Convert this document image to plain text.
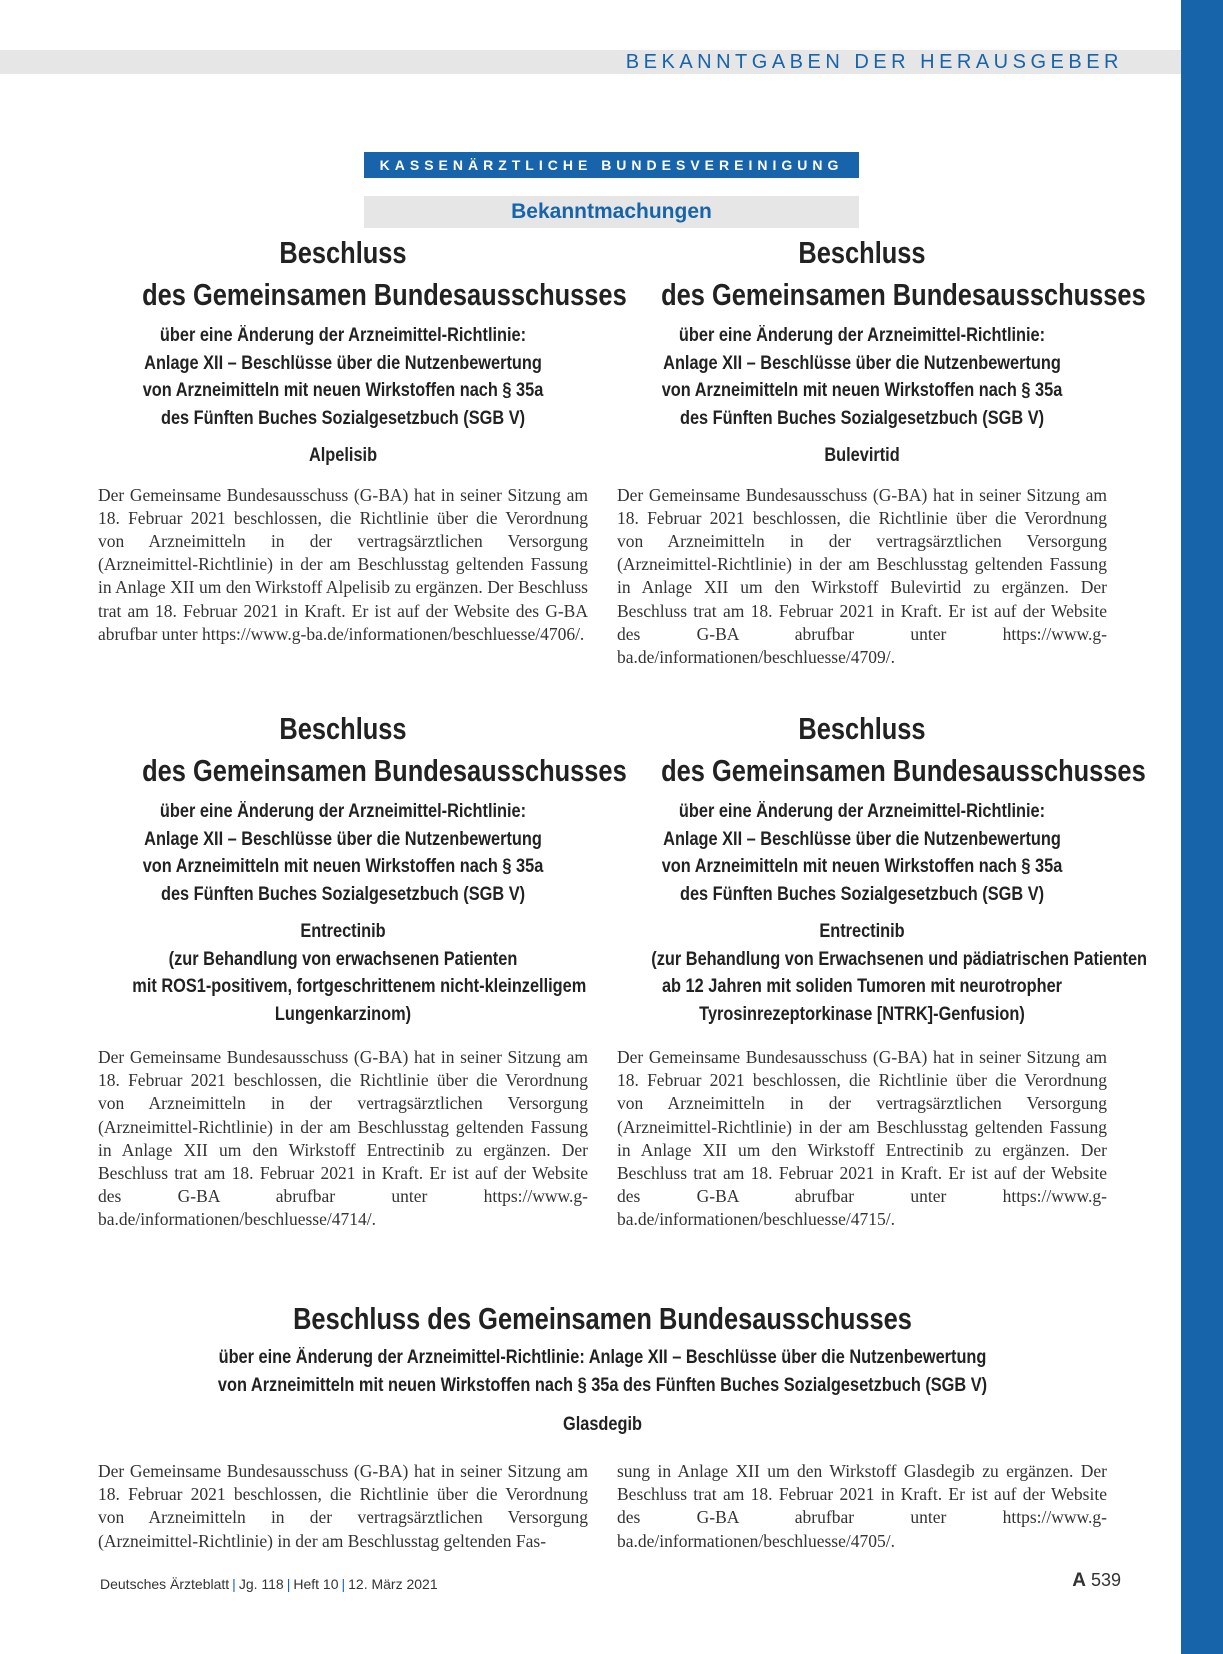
BEKANNTGABEN DER HERAUSGEBER
KASSENÄRZTLICHE BUNDESVEREINIGUNG
Bekanntmachungen
Beschluss
des Gemeinsamen Bundesausschusses
über eine Änderung der Arzneimittel-Richtlinie:
Anlage XII – Beschlüsse über die Nutzenbewertung
von Arzneimitteln mit neuen Wirkstoffen nach § 35a
des Fünften Buches Sozialgesetzbuch (SGB V)
Alpelisib

Der Gemeinsame Bundesausschuss (G-BA) hat in seiner Sitzung am 18. Februar 2021 beschlossen, die Richtlinie über die Verordnung von Arzneimitteln in der vertragsärztlichen Versorgung (Arzneimittel-Richtlinie) in der am Beschlusstag geltenden Fassung in Anlage XII um den Wirkstoff Alpelisib zu ergänzen. Der Beschluss trat am 18. Februar 2021 in Kraft. Er ist auf der Website des G-BA abrufbar unter https://www.g-ba.de/informationen/beschluesse/4706/.

Beschluss
des Gemeinsamen Bundesausschusses
über eine Änderung der Arzneimittel-Richtlinie:
Anlage XII – Beschlüsse über die Nutzenbewertung
von Arzneimitteln mit neuen Wirkstoffen nach § 35a
des Fünften Buches Sozialgesetzbuch (SGB V)
Bulevirtid

Der Gemeinsame Bundesausschuss (G-BA) hat in seiner Sitzung am 18. Februar 2021 beschlossen, die Richtlinie über die Verordnung von Arzneimitteln in der vertragsärztlichen Versorgung (Arzneimittel-Richtlinie) in der am Beschlusstag geltenden Fassung in Anlage XII um den Wirkstoff Bulevirtid zu ergänzen. Der Beschluss trat am 18. Februar 2021 in Kraft. Er ist auf der Website des G-BA abrufbar unter https://www.g-ba.de/informationen/beschluesse/4709/.

Beschluss
des Gemeinsamen Bundesausschusses
über eine Änderung der Arzneimittel-Richtlinie:
Anlage XII – Beschlüsse über die Nutzenbewertung
von Arzneimitteln mit neuen Wirkstoffen nach § 35a
des Fünften Buches Sozialgesetzbuch (SGB V)
Entrectinib
(zur Behandlung von erwachsenen Patienten
mit ROS1-positivem, fortgeschrittenem nicht-kleinzelligem
Lungenkarzinom)

Der Gemeinsame Bundesausschuss (G-BA) hat in seiner Sitzung am 18. Februar 2021 beschlossen, die Richtlinie über die Verordnung von Arzneimitteln in der vertragsärztlichen Versorgung (Arzneimittel-Richtlinie) in der am Beschlusstag geltenden Fassung in Anlage XII um den Wirkstoff Entrectinib zu ergänzen. Der Beschluss trat am 18. Februar 2021 in Kraft. Er ist auf der Website des G-BA abrufbar unter https://www.g-ba.de/informationen/beschluesse/4714/.

Beschluss
des Gemeinsamen Bundesausschusses
über eine Änderung der Arzneimittel-Richtlinie:
Anlage XII – Beschlüsse über die Nutzenbewertung
von Arzneimitteln mit neuen Wirkstoffen nach § 35a
des Fünften Buches Sozialgesetzbuch (SGB V)
Entrectinib
(zur Behandlung von Erwachsenen und pädiatrischen Patienten
ab 12 Jahren mit soliden Tumoren mit neurotropher
Tyrosinrezeptorkinase [NTRK]-Genfusion)

Der Gemeinsame Bundesausschuss (G-BA) hat in seiner Sitzung am 18. Februar 2021 beschlossen, die Richtlinie über die Verordnung von Arzneimitteln in der vertragsärztlichen Versorgung (Arzneimittel-Richtlinie) in der am Beschlusstag geltenden Fassung in Anlage XII um den Wirkstoff Entrectinib zu ergänzen. Der Beschluss trat am 18. Februar 2021 in Kraft. Er ist auf der Website des G-BA abrufbar unter https://www.g-ba.de/informationen/beschluesse/4715/.

Beschluss des Gemeinsamen Bundesausschusses
über eine Änderung der Arzneimittel-Richtlinie: Anlage XII – Beschlüsse über die Nutzenbewertung
von Arzneimitteln mit neuen Wirkstoffen nach § 35a des Fünften Buches Sozialgesetzbuch (SGB V)
Glasdegib

Der Gemeinsame Bundesausschuss (G-BA) hat in seiner Sitzung am 18. Februar 2021 beschlossen, die Richtlinie über die Verordnung von Arzneimitteln in der vertragsärztlichen Versorgung (Arzneimittel-Richtlinie) in der am Beschlusstag geltenden Fas-

sung in Anlage XII um den Wirkstoff Glasdegib zu ergänzen. Der Beschluss trat am 18. Februar 2021 in Kraft. Er ist auf der Website des G-BA abrufbar unter https://www.g-ba.de/informationen/beschluesse/4705/.

Deutsches Ärzteblatt | Jg. 118 | Heft 10 | 12. März 2021	A 539
